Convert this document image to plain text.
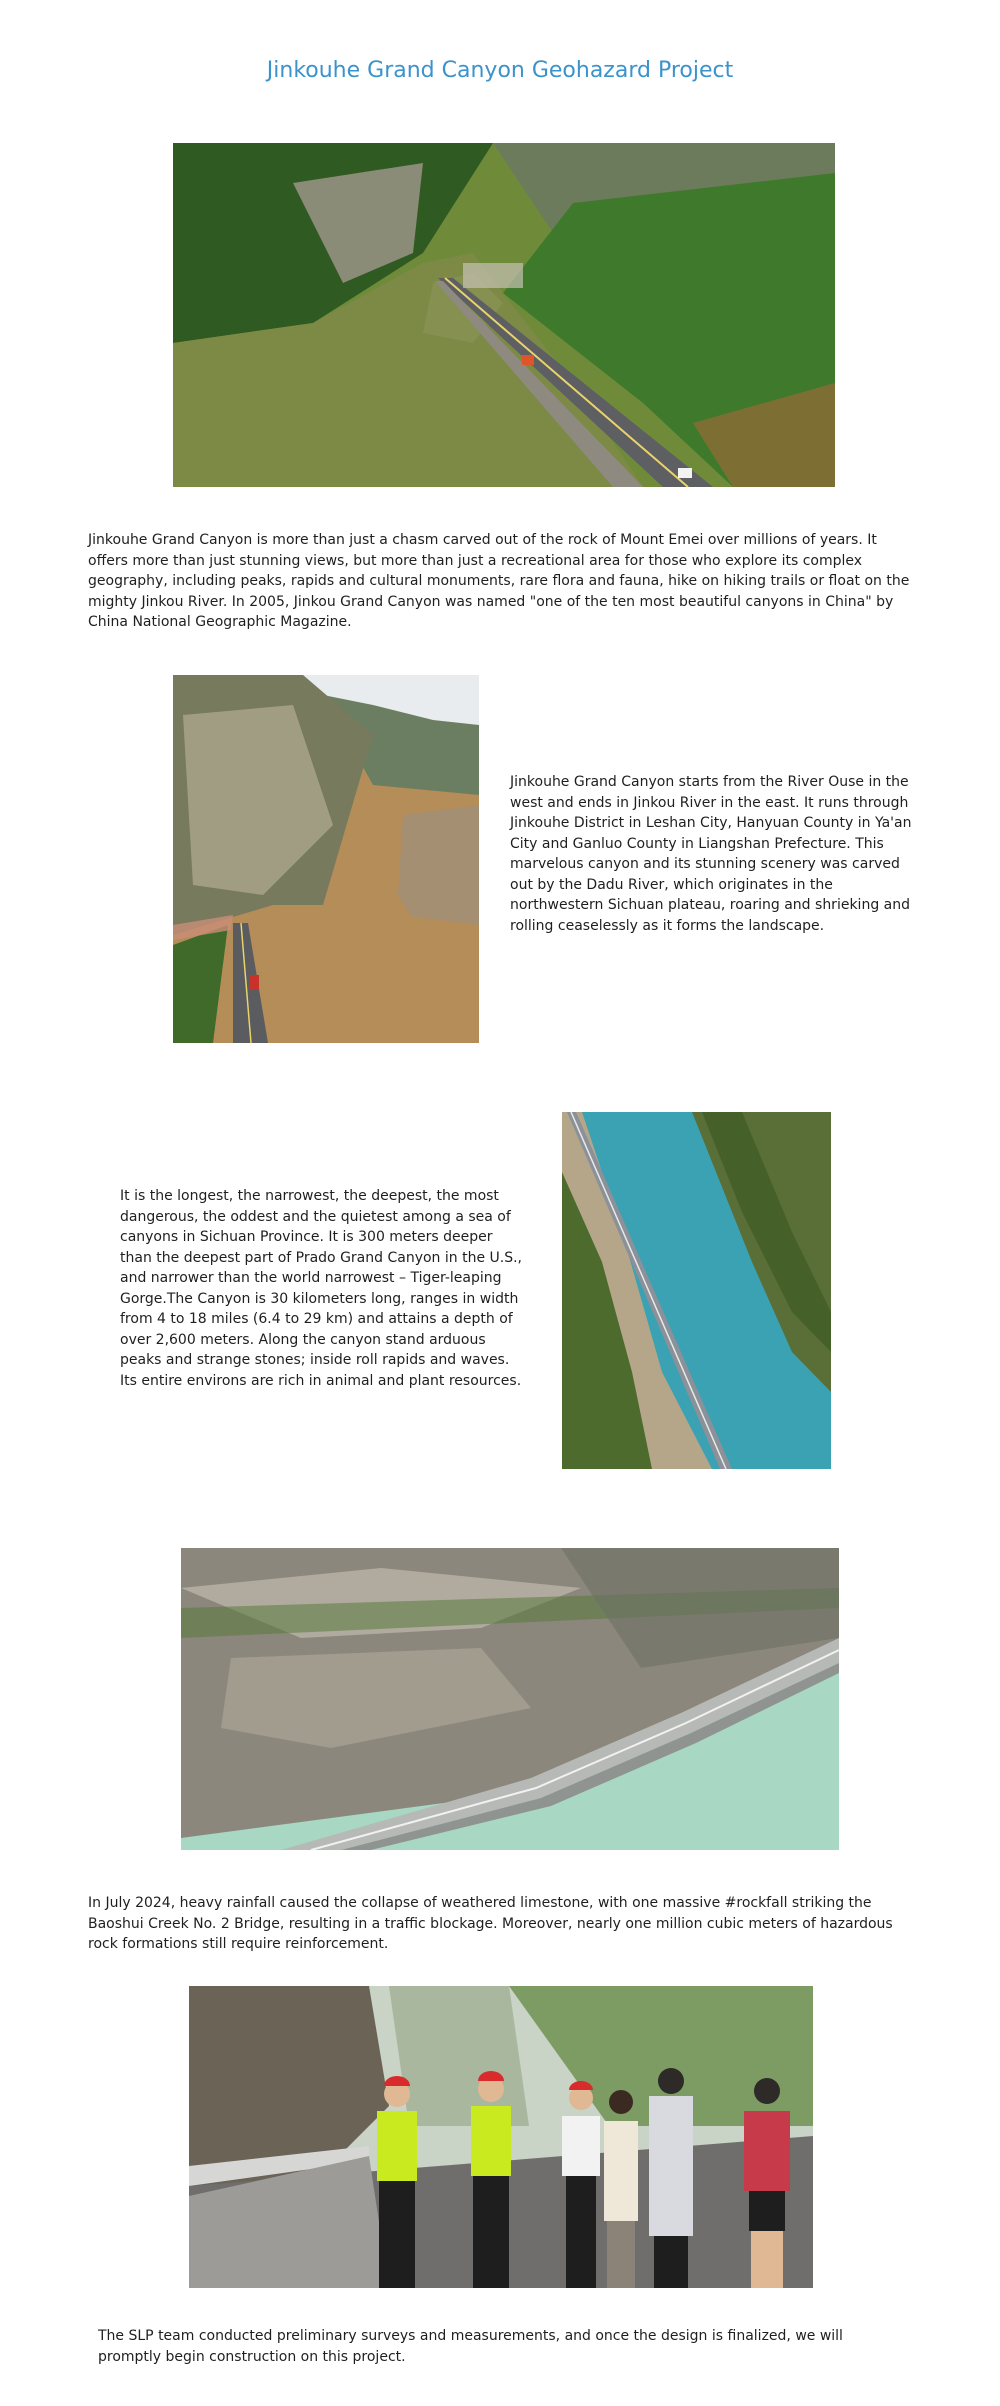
Jinkouhe Grand Canyon Geohazard Project
Jinkouhe Grand Canyon is more than just a chasm carved out of the rock of Mount Emei over millions of years. It offers more than just stunning views, but more than just a recreational area for those who explore its complex geography, including peaks, rapids and cultural monuments, rare flora and fauna, hike on hiking trails or float on the mighty Jinkou River. In 2005, Jinkou Grand Canyon was named "one of the ten most beautiful canyons in China" by China National Geographic Magazine.
Jinkouhe Grand Canyon starts from the River Ouse in the west and ends in Jinkou River in the east. It runs through Jinkouhe District in Leshan City, Hanyuan County in Ya'an City and Ganluo County in Liangshan Prefecture. This marvelous canyon and its stunning scenery was carved out by the Dadu River, which originates in the northwestern Sichuan plateau, roaring and shrieking and rolling ceaselessly as it forms the landscape.
It is the longest, the narrowest, the deepest, the most dangerous, the oddest and the quietest among a sea of canyons in Sichuan Province. It is 300 meters deeper than the deepest part of Prado Grand Canyon in the U.S., and narrower than the world narrowest – Tiger-leaping Gorge.The Canyon is 30 kilometers long, ranges in width from 4 to 18 miles (6.4 to 29 km) and attains a depth of over 2,600 meters. Along the canyon stand arduous peaks and strange stones; inside roll rapids and waves. Its entire environs are rich in animal and plant resources.
In July 2024, heavy rainfall caused the collapse of weathered limestone, with one massive #rockfall striking the Baoshui Creek No. 2 Bridge, resulting in a traffic blockage. Moreover, nearly one million cubic meters of hazardous rock formations still require reinforcement.
The SLP team conducted preliminary surveys and measurements, and once the design is finalized, we will promptly begin construction on this project.
